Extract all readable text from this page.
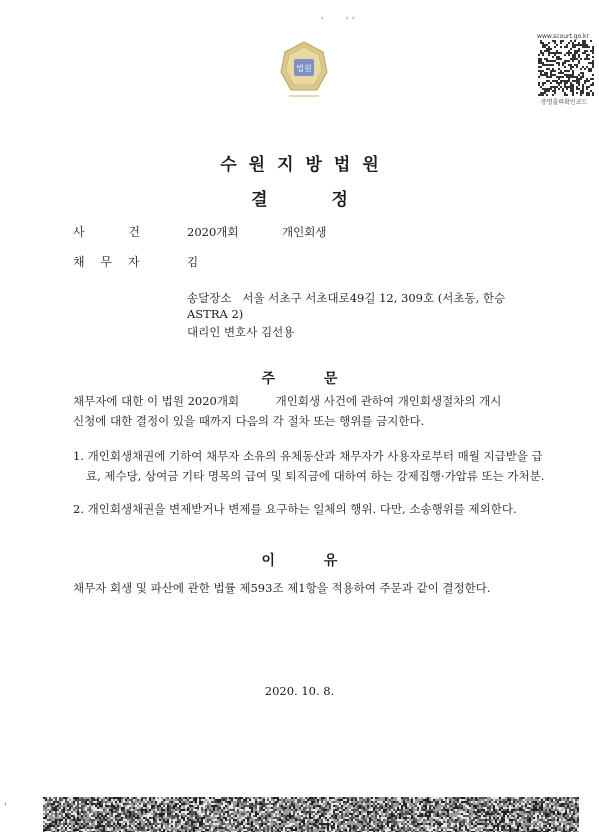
법원
'	' '
www.scourt.go.kr
증명출력확인코드
수원지방법원
결 정
사 건	2020개회	개인회생
채 무 자	김
송달장소   서울 서초구 서초대로49길 12, 309호 (서초동, 한승
ASTRA 2)
대리인 변호사 김선용
주 문
채무자에 대한 이 법원 2020개회          개인회생 사건에 관하여 개인회생절차의 개시
신청에 대한 결정이 있을 때까지 다음의 각 절차 또는 행위를 금지한다.
1. 개인회생채권에 기하여 채무자 소유의 유체동산과 채무자가 사용자로부터 매월 지급받을 급료, 제수당, 상여금 기타 명목의 급여 및 퇴직금에 대하여 하는 강제집행·가압류 또는 가처분.
2. 개인회생채권을 변제받거나 변제를 요구하는 일체의 행위. 다만, 소송행위를 제외한다.
이 유
채무자 회생 및 파산에 관한 법률 제593조 제1항을 적용하여 주문과 같이 결정한다.
2020. 10. 8.
'
